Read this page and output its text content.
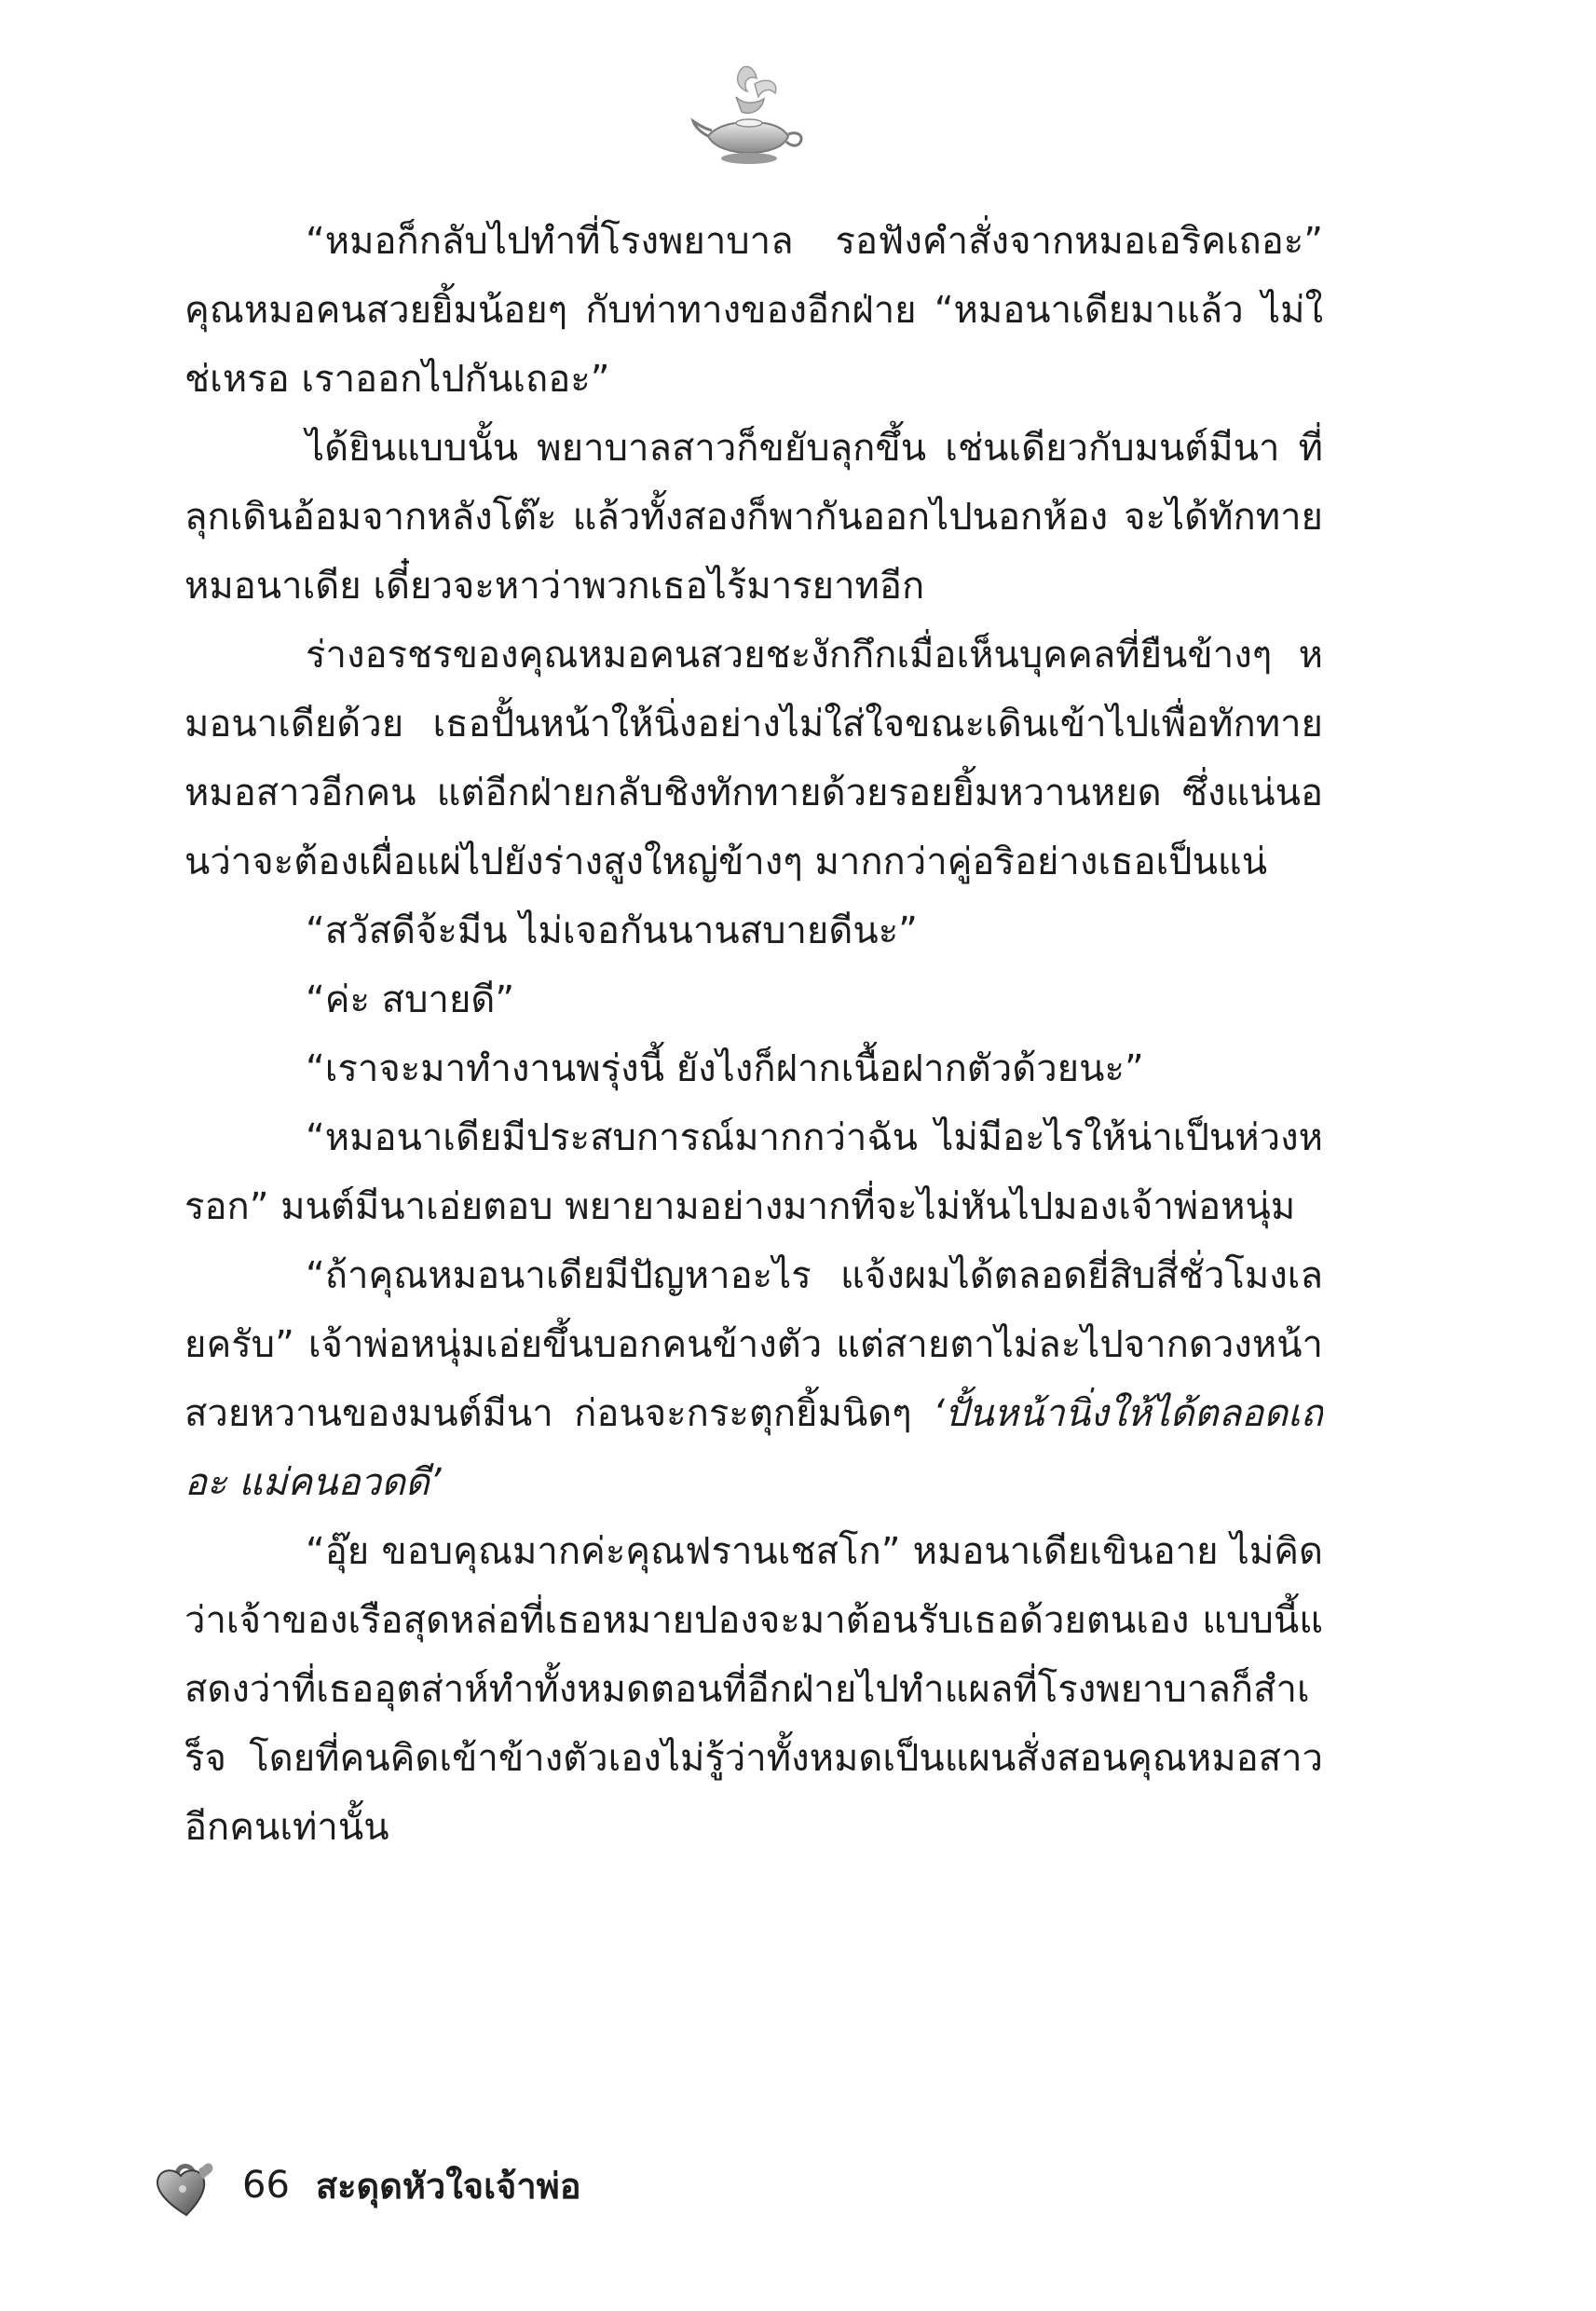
“หมอก็กลับไปทำที่โรงพยาบาล รอฟังคำสั่งจากหมอเอริคเถอะ” คุณหมอคนสวยยิ้มน้อยๆ กับท่าทางของอีกฝ่าย “หมอนาเดียมาแล้ว ไม่ใช่เหรอ เราออกไปกันเถอะ”

ได้ยินแบบนั้น พยาบาลสาวก็ขยับลุกขึ้น เช่นเดียวกับมนต์มีนา ที่ลุกเดินอ้อมจากหลังโต๊ะ แล้วทั้งสองก็พากันออกไปนอกห้อง จะได้ทักทายหมอนาเดีย เดี๋ยวจะหาว่าพวกเธอไร้มารยาทอีก

ร่างอรชรของคุณหมอคนสวยชะงักกึกเมื่อเห็นบุคคลที่ยืนข้างๆ หมอนาเดียด้วย เธอปั้นหน้าให้นิ่งอย่างไม่ใส่ใจขณะเดินเข้าไปเพื่อทักทายหมอสาวอีกคน แต่อีกฝ่ายกลับชิงทักทายด้วยรอยยิ้มหวานหยด ซึ่งแน่นอนว่าจะต้องเผื่อแผ่ไปยังร่างสูงใหญ่ข้างๆ มากกว่าคู่อริอย่างเธอเป็นแน่

“สวัสดีจ้ะมีน ไม่เจอกันนานสบายดีนะ”

“ค่ะ สบายดี”

“เราจะมาทำงานพรุ่งนี้ ยังไงก็ฝากเนื้อฝากตัวด้วยนะ”

“หมอนาเดียมีประสบการณ์มากกว่าฉัน ไม่มีอะไรให้น่าเป็นห่วงหรอก” มนต์มีนาเอ่ยตอบ พยายามอย่างมากที่จะไม่หันไปมองเจ้าพ่อหนุ่ม

“ถ้าคุณหมอนาเดียมีปัญหาอะไร แจ้งผมได้ตลอดยี่สิบสี่ชั่วโมงเลยครับ” เจ้าพ่อหนุ่มเอ่ยขึ้นบอกคนข้างตัว แต่สายตาไม่ละไปจากดวงหน้าสวยหวานของมนต์มีนา ก่อนจะกระตุกยิ้มนิดๆ ‘ปั้นหน้านิ่งให้ได้ตลอดเถอะ แม่คนอวดดี’

“อุ๊ย ขอบคุณมากค่ะคุณฟรานเชสโก” หมอนาเดียเขินอาย ไม่คิดว่าเจ้าของเรือสุดหล่อที่เธอหมายปองจะมาต้อนรับเธอด้วยตนเอง แบบนี้แสดงว่าที่เธออุตส่าห์ทำทั้งหมดตอนที่อีกฝ่ายไปทำแผลที่โรงพยาบาลก็สำเร็จ โดยที่คนคิดเข้าข้างตัวเองไม่รู้ว่าทั้งหมดเป็นแผนสั่งสอนคุณหมอสาวอีกคนเท่านั้น

66 สะดุดหัวใจเจ้าพ่อ
